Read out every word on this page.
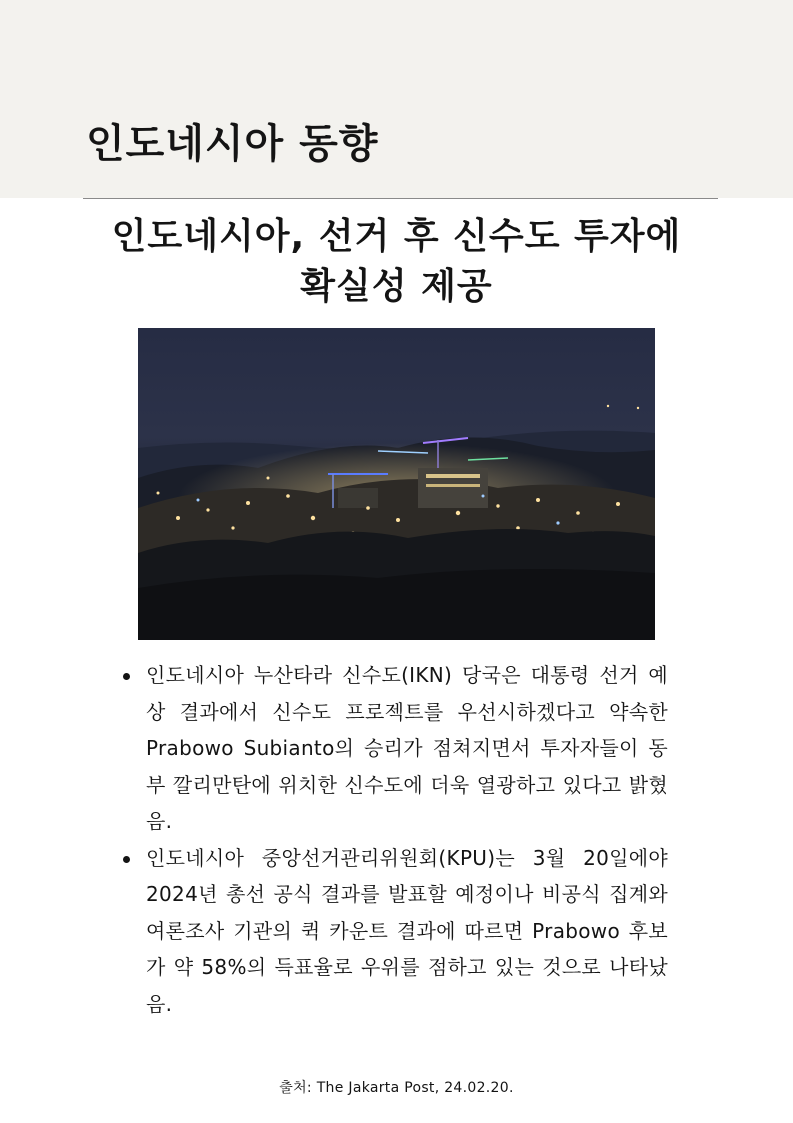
인도네시아 동향
인도네시아, 선거 후 신수도 투자에
확실성 제공
인도네시아 누산타라 신수도(IKN) 당국은 대통령 선거 예상 결과에서 신수도 프로젝트를 우선시하겠다고 약속한 Prabowo Subianto의 승리가 점쳐지면서 투자자들이 동부 깔리만탄에 위치한 신수도에 더욱 열광하고 있다고 밝혔음.
인도네시아 중앙선거관리위원회(KPU)는 3월 20일에야 2024년 총선 공식 결과를 발표할 예정이나 비공식 집계와 여론조사 기관의 퀵 카운트 결과에 따르면 Prabowo 후보가 약 58%의 득표율로 우위를 점하고 있는 것으로 나타났음.
출처: The Jakarta Post, 24.02.20.
